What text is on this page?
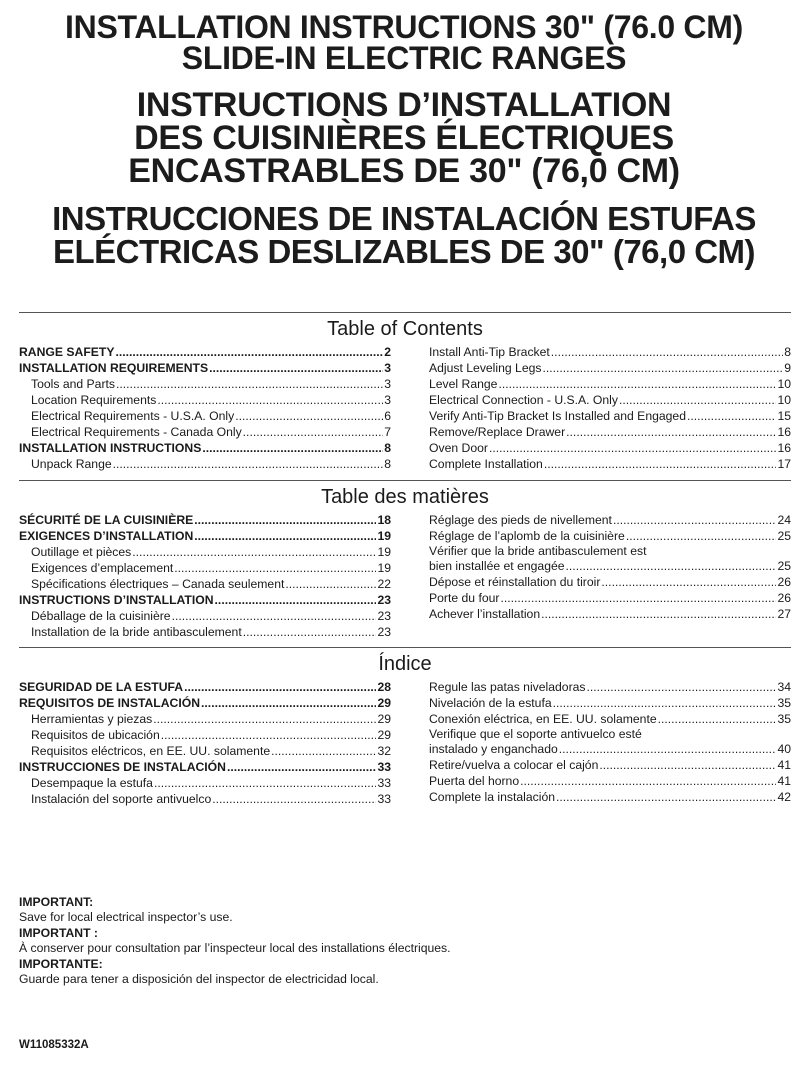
INSTALLATION INSTRUCTIONS 30" (76.0 CM)
SLIDE-IN ELECTRIC RANGES
INSTRUCTIONS D’INSTALLATION
DES CUISINIÈRES ÉLECTRIQUES
ENCASTRABLES DE 30" (76,0 CM)
INSTRUCCIONES DE INSTALACIÓN ESTUFAS
ELÉCTRICAS DESLIZABLES DE 30" (76,0 CM)
Table of Contents
RANGE SAFETY .....	2
INSTALLATION REQUIREMENTS .....	3
Tools and Parts .....	3
Location Requirements .....	3
Electrical Requirements - U.S.A. Only .....	6
Electrical Requirements - Canada Only .....	7
INSTALLATION INSTRUCTIONS .....	8
Unpack Range .....	8
Install Anti-Tip Bracket .....	8
Adjust Leveling Legs .....	9
Level Range .....	10
Electrical Connection - U.S.A. Only .....	10
Verify Anti-Tip Bracket Is Installed and Engaged .....	15
Remove/Replace Drawer .....	16
Oven Door .....	16
Complete Installation .....	17
Table des matières
SÉCURITÉ DE LA CUISINIÈRE .....	18
EXIGENCES D’INSTALLATION .....	19
Outillage et pièces .....	19
Exigences d’emplacement .....	19
Spécifications électriques – Canada seulement .....	22
INSTRUCTIONS D’INSTALLATION .....	23
Déballage de la cuisinière .....	23
Installation de la bride antibasculement .....	23
Réglage des pieds de nivellement .....	24
Réglage de l’aplomb de la cuisinière .....	25
Vérifier que la bride antibasculement est
bien installée et engagée .....	25
Dépose et réinstallation du tiroir .....	26
Porte du four .....	26
Achever l’installation .....	27
Índice
SEGURIDAD DE LA ESTUFA .....	28
REQUISITOS DE INSTALACIÓN .....	29
Herramientas y piezas .....	29
Requisitos de ubicación .....	29
Requisitos eléctricos, en EE. UU. solamente .....	32
INSTRUCCIONES DE INSTALACIÓN .....	33
Desempaque la estufa .....	33
Instalación del soporte antivuelco .....	33
Regule las patas niveladoras .....	34
Nivelación de la estufa .....	35
Conexión eléctrica, en EE. UU. solamente .....	35
Verifique que el soporte antivuelco esté
instalado y enganchado .....	40
Retire/vuelva a colocar el cajón .....	41
Puerta del horno .....	41
Complete la instalación .....	42
IMPORTANT:
Save for local electrical inspector’s use.
IMPORTANT :
À conserver pour consultation par l’inspecteur local des installations électriques.
IMPORTANTE:
Guarde para tener a disposición del inspector de electricidad local.
W11085332A
